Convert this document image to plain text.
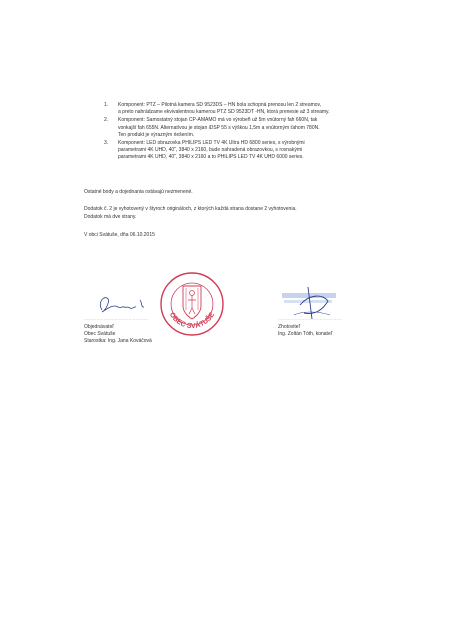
1. Komponent: PTZ – Pilotná kamera SD 9523DS – HN bola schopná prenosu len 2 streamov,
a preto nahrádzame ekvivalentnou kamerou PTZ SD 9523DT -HN, ktorá prenesie až 3 streamy.
2. Komponent: Samostatný stojan CP-AMAMO má vo výrobeñ už 5m vnútorný fah 660N, tak
vonkajší fah 655N. Alternatívou je stojan iDSP 55 s výškou 1,5m a vnútorným ťahom 780N.
Ten produkt je výrazným riešením.
3. Komponent: LED obrazovka PHILIPS LED TV 4K Ultra HD 6800 series, s výrobnými
parametrami 4K UHD, 40", 3840 x 2160, bude nahradená obrazovkou, s rovnakými
parametrami 4K UHD, 40", 3840 x 2160 a to PHILIPS LED TV 4K UHD 6000 series.
Ostatné body a dojednania ostávajú nezmenené.
Dodatok č. 2 je vyhotovený v štyroch origináloch, z ktorých každá strana dostane 2 vyhotovenia.
Dodatok má dve strany.
V obci Svátuše, dňa 06.10.2015
OBEC SVÁTUŠE
..............................................
Objednávateľ
Obec Svátuše
Starostka: Ing. Jana Kováčová
..............................................
Zhotoviteľ
Ing. Zoltán Tóth, konateľ
